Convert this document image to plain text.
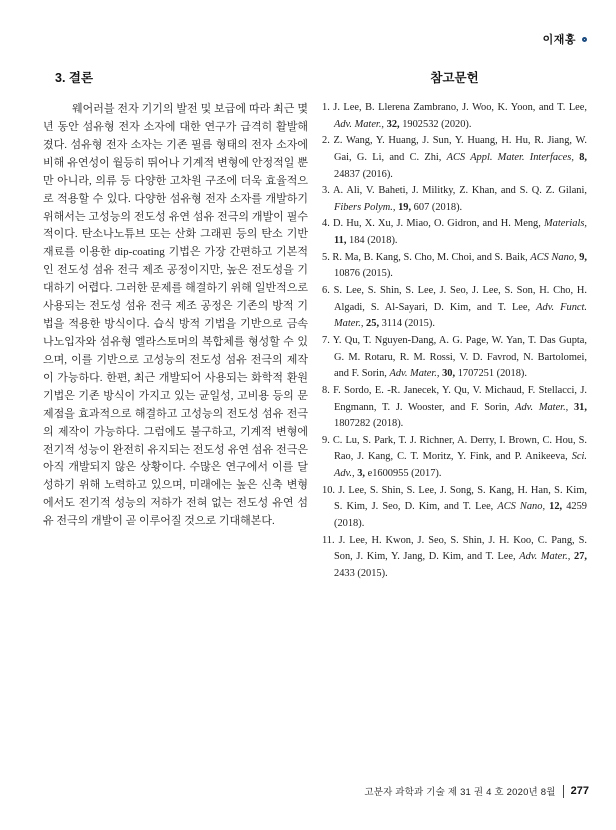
이재홍
3. 결론

웨어러블 전자 기기의 발전 및 보급에 따라 최근 몇 년 동안 섬유형 전자 소자에 대한 연구가 급격히 활발해졌다. 섬유형 전자 소자는 기존 필름 형태의 전자 소자에 비해 유연성이 월등히 뛰어나 기계적 변형에 안정적일 뿐만 아니라, 의류 등 다양한 고차원 구조에 더욱 효율적으로 적용할 수 있다. 다양한 섬유형 전자 소자를 개발하기 위해서는 고성능의 전도성 유연 섬유 전극의 개발이 필수적이다. 탄소나노튜브 또는 산화 그래핀 등의 탄소 기반 재료를 이용한 dip-coating 기법은 가장 간편하고 기본적인 전도성 섬유 전극 제조 공정이지만, 높은 전도성을 기대하기 어렵다. 그러한 문제를 해결하기 위해 일반적으로 사용되는 전도성 섬유 전극 제조 공정은 기존의 방적 기법을 적용한 방식이다. 습식 방적 기법을 기반으로 금속 나노입자와 섬유형 엘라스토머의 복합체를 형성할 수 있으며, 이를 기반으로 고성능의 전도성 섬유 전극의 제작이 가능하다. 한편, 최근 개발되어 사용되는 화학적 환원 기법은 기존 방식이 가지고 있는 균일성, 고비용 등의 문제점을 효과적으로 해결하고 고성능의 전도성 섬유 전극의 제작이 가능하다. 그럼에도 불구하고, 기계적 변형에 전기적 성능이 완전히 유지되는 전도성 유연 섬유 전극은 아직 개발되지 않은 상황이다. 수많은 연구에서 이를 달성하기 위해 노력하고 있으며, 미래에는 높은 신축 변형에서도 전기적 성능의 저하가 전혀 없는 전도성 유연 섬유 전극의 개발이 곧 이루어질 것으로 기대해본다.

참고문헌
1. J. Lee, B. Llerena Zambrano, J. Woo, K. Yoon, and T. Lee, Adv. Mater., 32, 1902532 (2020).
2. Z. Wang, Y. Huang, J. Sun, Y. Huang, H. Hu, R. Jiang, W. Gai, G. Li, and C. Zhi, ACS Appl. Mater. Interfaces, 8, 24837 (2016).
3. A. Ali, V. Baheti, J. Militky, Z. Khan, and S. Q. Z. Gilani, Fibers Polym., 19, 607 (2018).
4. D. Hu, X. Xu, J. Miao, O. Gidron, and H. Meng, Materials, 11, 184 (2018).
5. R. Ma, B. Kang, S. Cho, M. Choi, and S. Baik, ACS Nano, 9, 10876 (2015).
6. S. Lee, S. Shin, S. Lee, J. Seo, J. Lee, S. Son, H. Cho, H. Algadi, S. Al-Sayari, D. Kim, and T. Lee, Adv. Funct. Mater., 25, 3114 (2015).
7. Y. Qu, T. Nguyen-Dang, A. G. Page, W. Yan, T. Das Gupta, G. M. Rotaru, R. M. Rossi, V. D. Favrod, N. Bartolomei, and F. Sorin, Adv. Mater., 30, 1707251 (2018).
8. F. Sordo, E. -R. Janecek, Y. Qu, V. Michaud, F. Stellacci, J. Engmann, T. J. Wooster, and F. Sorin, Adv. Mater., 31, 1807282 (2018).
9. C. Lu, S. Park, T. J. Richner, A. Derry, I. Brown, C. Hou, S. Rao, J. Kang, C. T. Moritz, Y. Fink, and P. Anikeeva, Sci. Adv., 3, e1600955 (2017).
10. J. Lee, S. Shin, S. Lee, J. Song, S. Kang, H. Han, S. Kim, S. Kim, J. Seo, D. Kim, and T. Lee, ACS Nano, 12, 4259 (2018).
11. J. Lee, H. Kwon, J. Seo, S. Shin, J. H. Koo, C. Pang, S. Son, J. Kim, Y. Jang, D. Kim, and T. Lee, Adv. Mater., 27, 2433 (2015).
고분자 과학과 기술 제 31 권 4 호 2020년 8월 277
